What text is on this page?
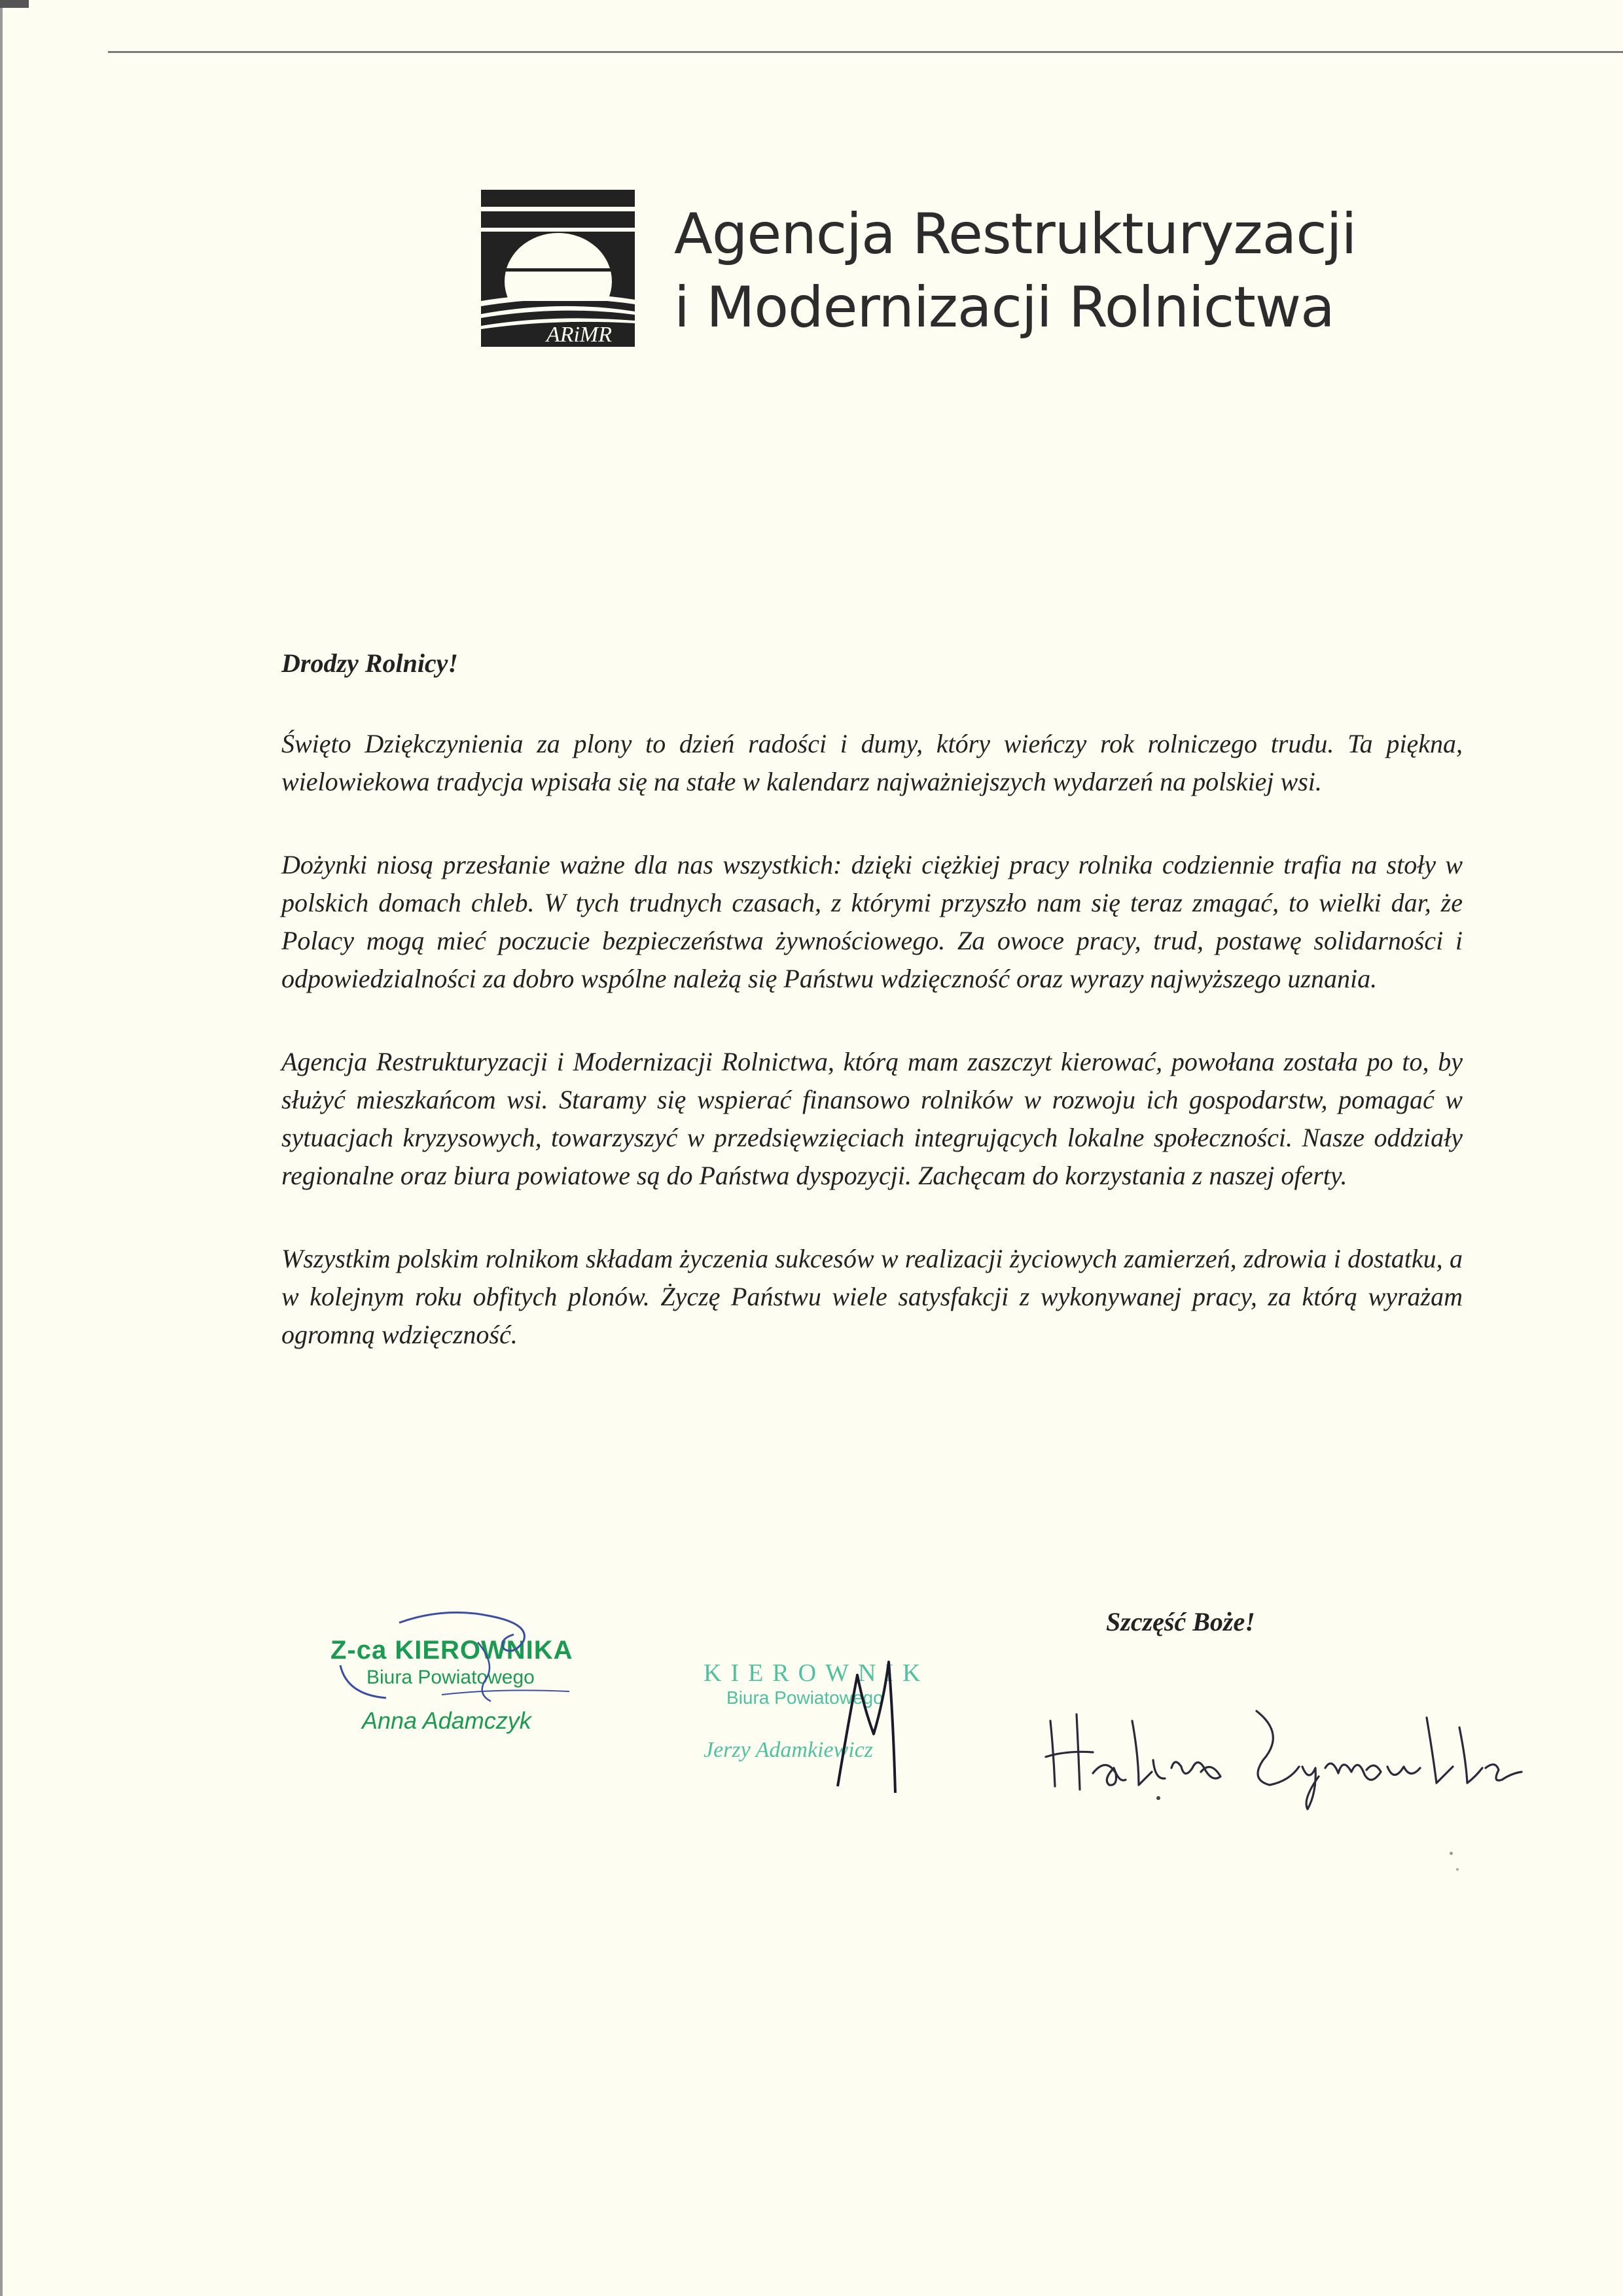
ARiMR
Agencja Restrukturyzacji
i Modernizacji Rolnictwa
Drodzy Rolnicy!
Święto Dziękczynienia za plony to dzień radości i dumy, który wieńczy rok rolniczego trudu. Ta piękna, wielowiekowa tradycja wpisała się na stałe w kalendarz najważniejszych wydarzeń na polskiej wsi.
Dożynki niosą przesłanie ważne dla nas wszystkich: dzięki ciężkiej pracy rolnika codziennie trafia na stoły w polskich domach chleb. W tych trudnych czasach, z którymi przyszło nam się teraz zmagać, to wielki dar, że Polacy mogą mieć poczucie bezpieczeństwa żywnościowego. Za owoce pracy, trud, postawę solidarności i odpowiedzialności za dobro wspólne należą się Państwu wdzięczność oraz wyrazy najwyższego uznania.
Agencja Restrukturyzacji i Modernizacji Rolnictwa, którą mam zaszczyt kierować, powołana została po to, by służyć mieszkańcom wsi. Staramy się wspierać finansowo rolników w rozwoju ich gospodarstw, pomagać w sytuacjach kryzysowych, towarzyszyć w przedsięwzięciach integrujących lokalne społeczności. Nasze oddziały regionalne oraz biura powiatowe są do Państwa dyspozycji. Zachęcam do korzystania z naszej oferty.
Wszystkim polskim rolnikom składam życzenia sukcesów w realizacji życiowych zamierzeń, zdrowia i dostatku, a w kolejnym roku obfitych plonów. Życzę Państwu wiele satysfakcji z wykonywanej pracy, za którą wyrażam ogromną wdzięczność.
Szczęść Boże!
Z-ca KIEROWNIKA
Biura Powiatowego
Anna Adamczyk
KIEROWNIK
Biura Powiatowego
Jerzy Adamkiewicz
